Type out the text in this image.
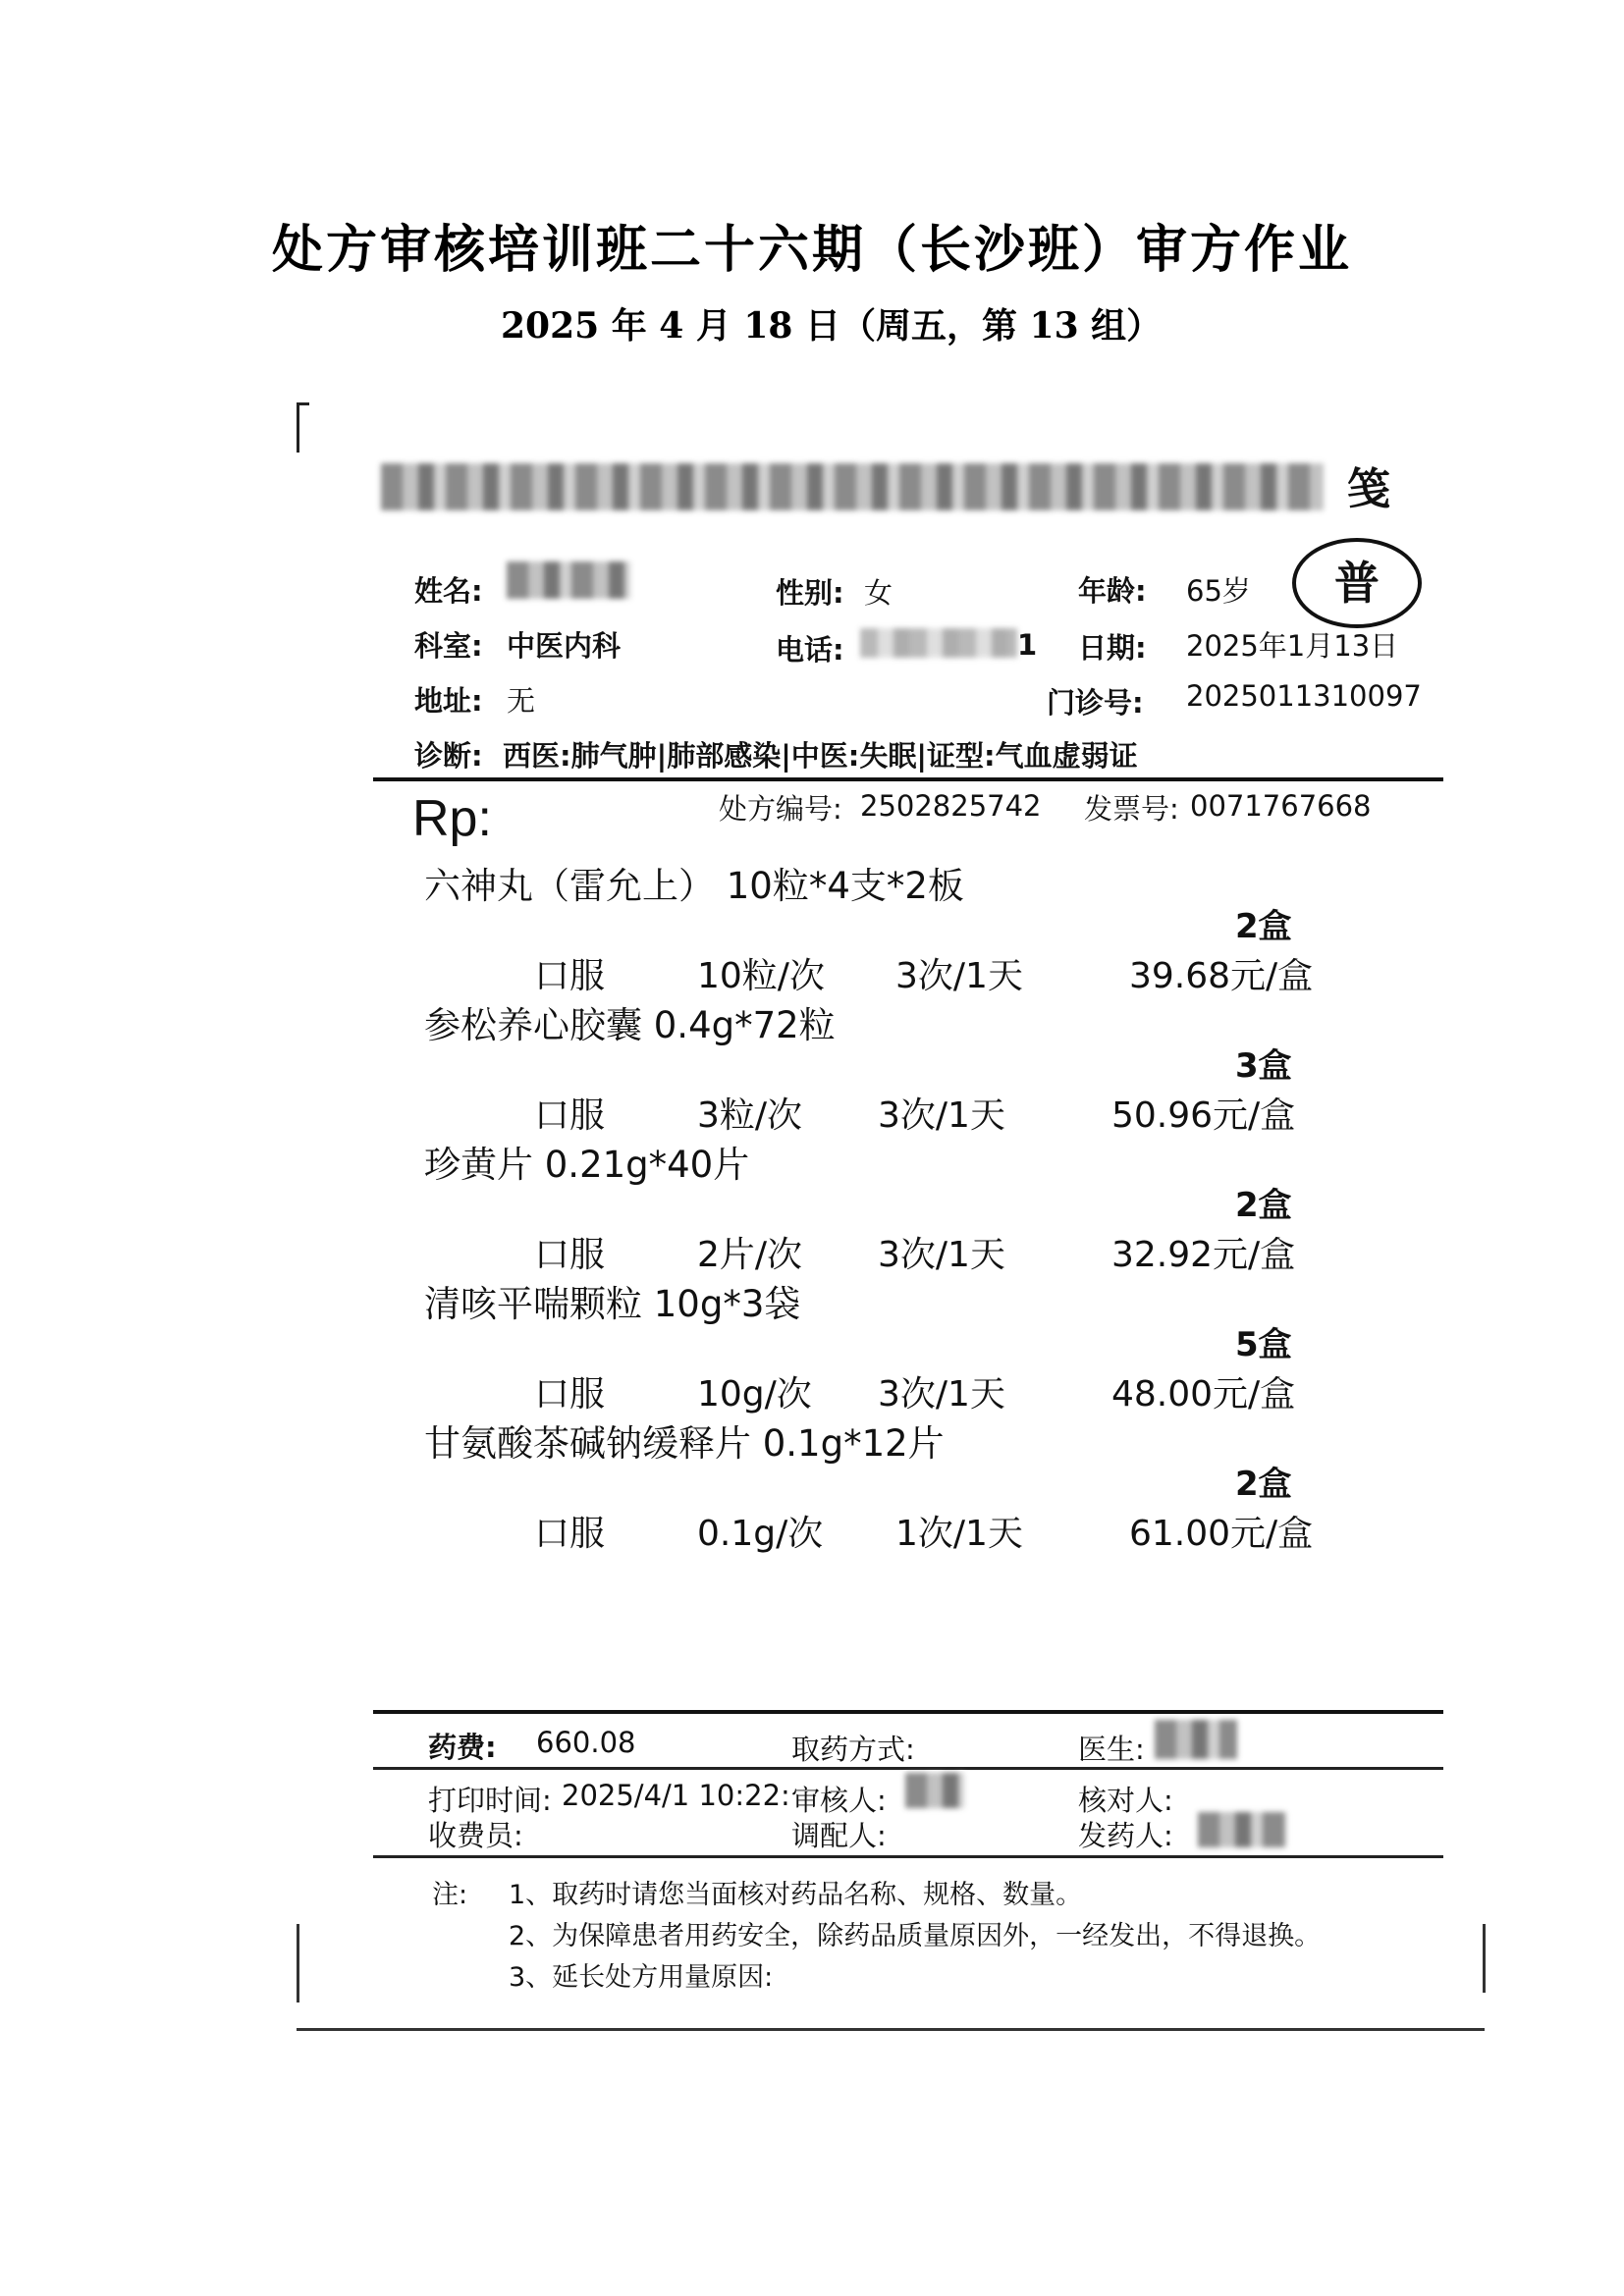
处方审核培训班二十六期（长沙班）审方作业
2025 年 4 月 18 日（周五，第 13 组）
笺
普
姓名:	性别: 女	年龄: 65岁
科室: 中医内科	电话:	1 日期: 2025年1月13日
地址: 无	门诊号: 2025011310097
诊断: 西医:肺气肿|肺部感染|中医:失眠|证型:气血虚弱证
Rp:	处方编号: 2502825742 发票号: 0071767668
六神丸（雷允上） 10粒*4支*2板
2盒
口服	10粒/次 3次/1天	39.68元/盒
参松养心胶囊 0.4g*72粒
3盒
口服	3粒/次 3次/1天	50.96元/盒
珍黄片 0.21g*40片
2盒
口服	2片/次 3次/1天	32.92元/盒
清咳平喘颗粒 10g*3袋
5盒
口服	10g/次 3次/1天	48.00元/盒
甘氨酸茶碱钠缓释片 0.1g*12片
2盒
口服	0.1g/次 1次/1天	61.00元/盒
药费: 660.08	取药方式:	医生:
打印时间: 2025/4/1 10:22: 审核人:	核对人:
收费员:	调配人:	发药人:
注: 1、取药时请您当面核对药品名称、规格、数量。
2、为保障患者用药安全，除药品质量原因外，一经发出，不得退换。
3、延长处方用量原因:
